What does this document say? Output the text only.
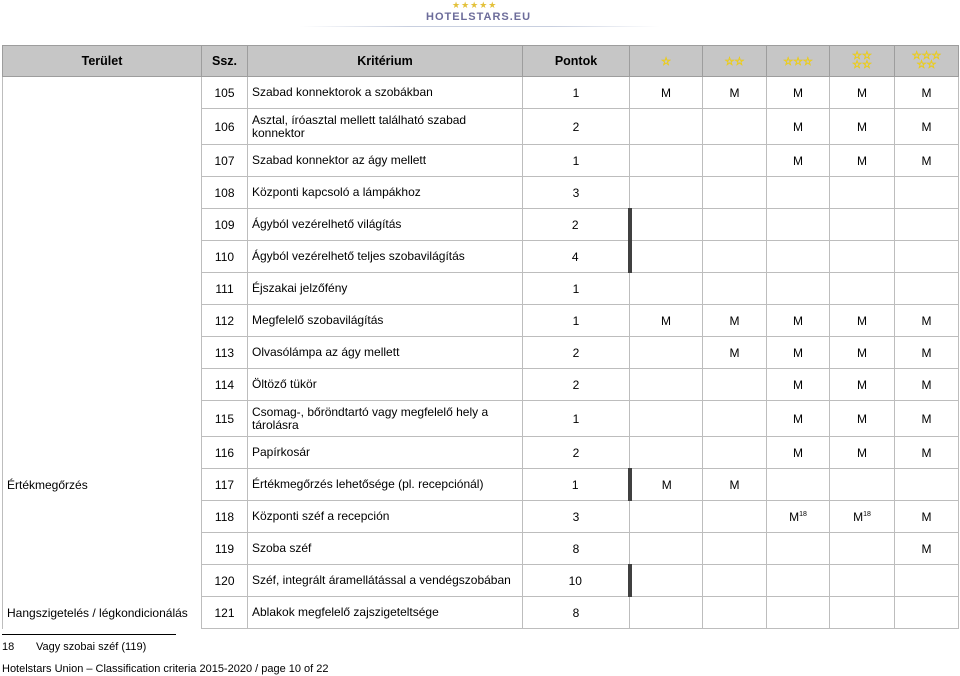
★★★★★
HOTELSTARS.EU
Terület	Ssz.	Kritérium	Pontok	☆	☆☆	☆☆☆	☆☆☆☆	☆☆☆☆☆
	105	Szabad konnektorok a szobákban	1	M	M	M	M	M
	106	Asztal, íróasztal mellett található szabad konnektor	2			M	M	M
	107	Szabad konnektor az ágy mellett	1			M	M	M
	108	Központi kapcsoló a lámpákhoz	3					
	109	Ágyból vezérelhető világítás	2					
	110	Ágyból vezérelhető teljes szobavilágítás	4					
	111	Éjszakai jelzőfény	1					
	112	Megfelelő szobavilágítás	1	M	M	M	M	M
	113	Olvasólámpa az ágy mellett	2		M	M	M	M
	114	Öltöző tükör	2			M	M	M
	115	Csomag-, bőröndtartó vagy megfelelő hely a tárolásra	1			M	M	M
	116	Papírkosár	2			M	M	M
Értékmegőrzés	117	Értékmegőrzés lehetősége (pl. recepciónál)	1	M	M			
	118	Központi széf a recepción	3			$M^{18}$	$M^{18}$	M
	119	Szoba széf	8					M
	120	Széf, integrált áramellátással a vendégszobában	10					
Hangszigetelés / légkondicionálás	121	Ablakok megfelelő zajszigeteltsége	8					
18 Vagy szobai széf (119)
Hotelstars Union – Classification criteria 2015-2020 / page 10 of 22
